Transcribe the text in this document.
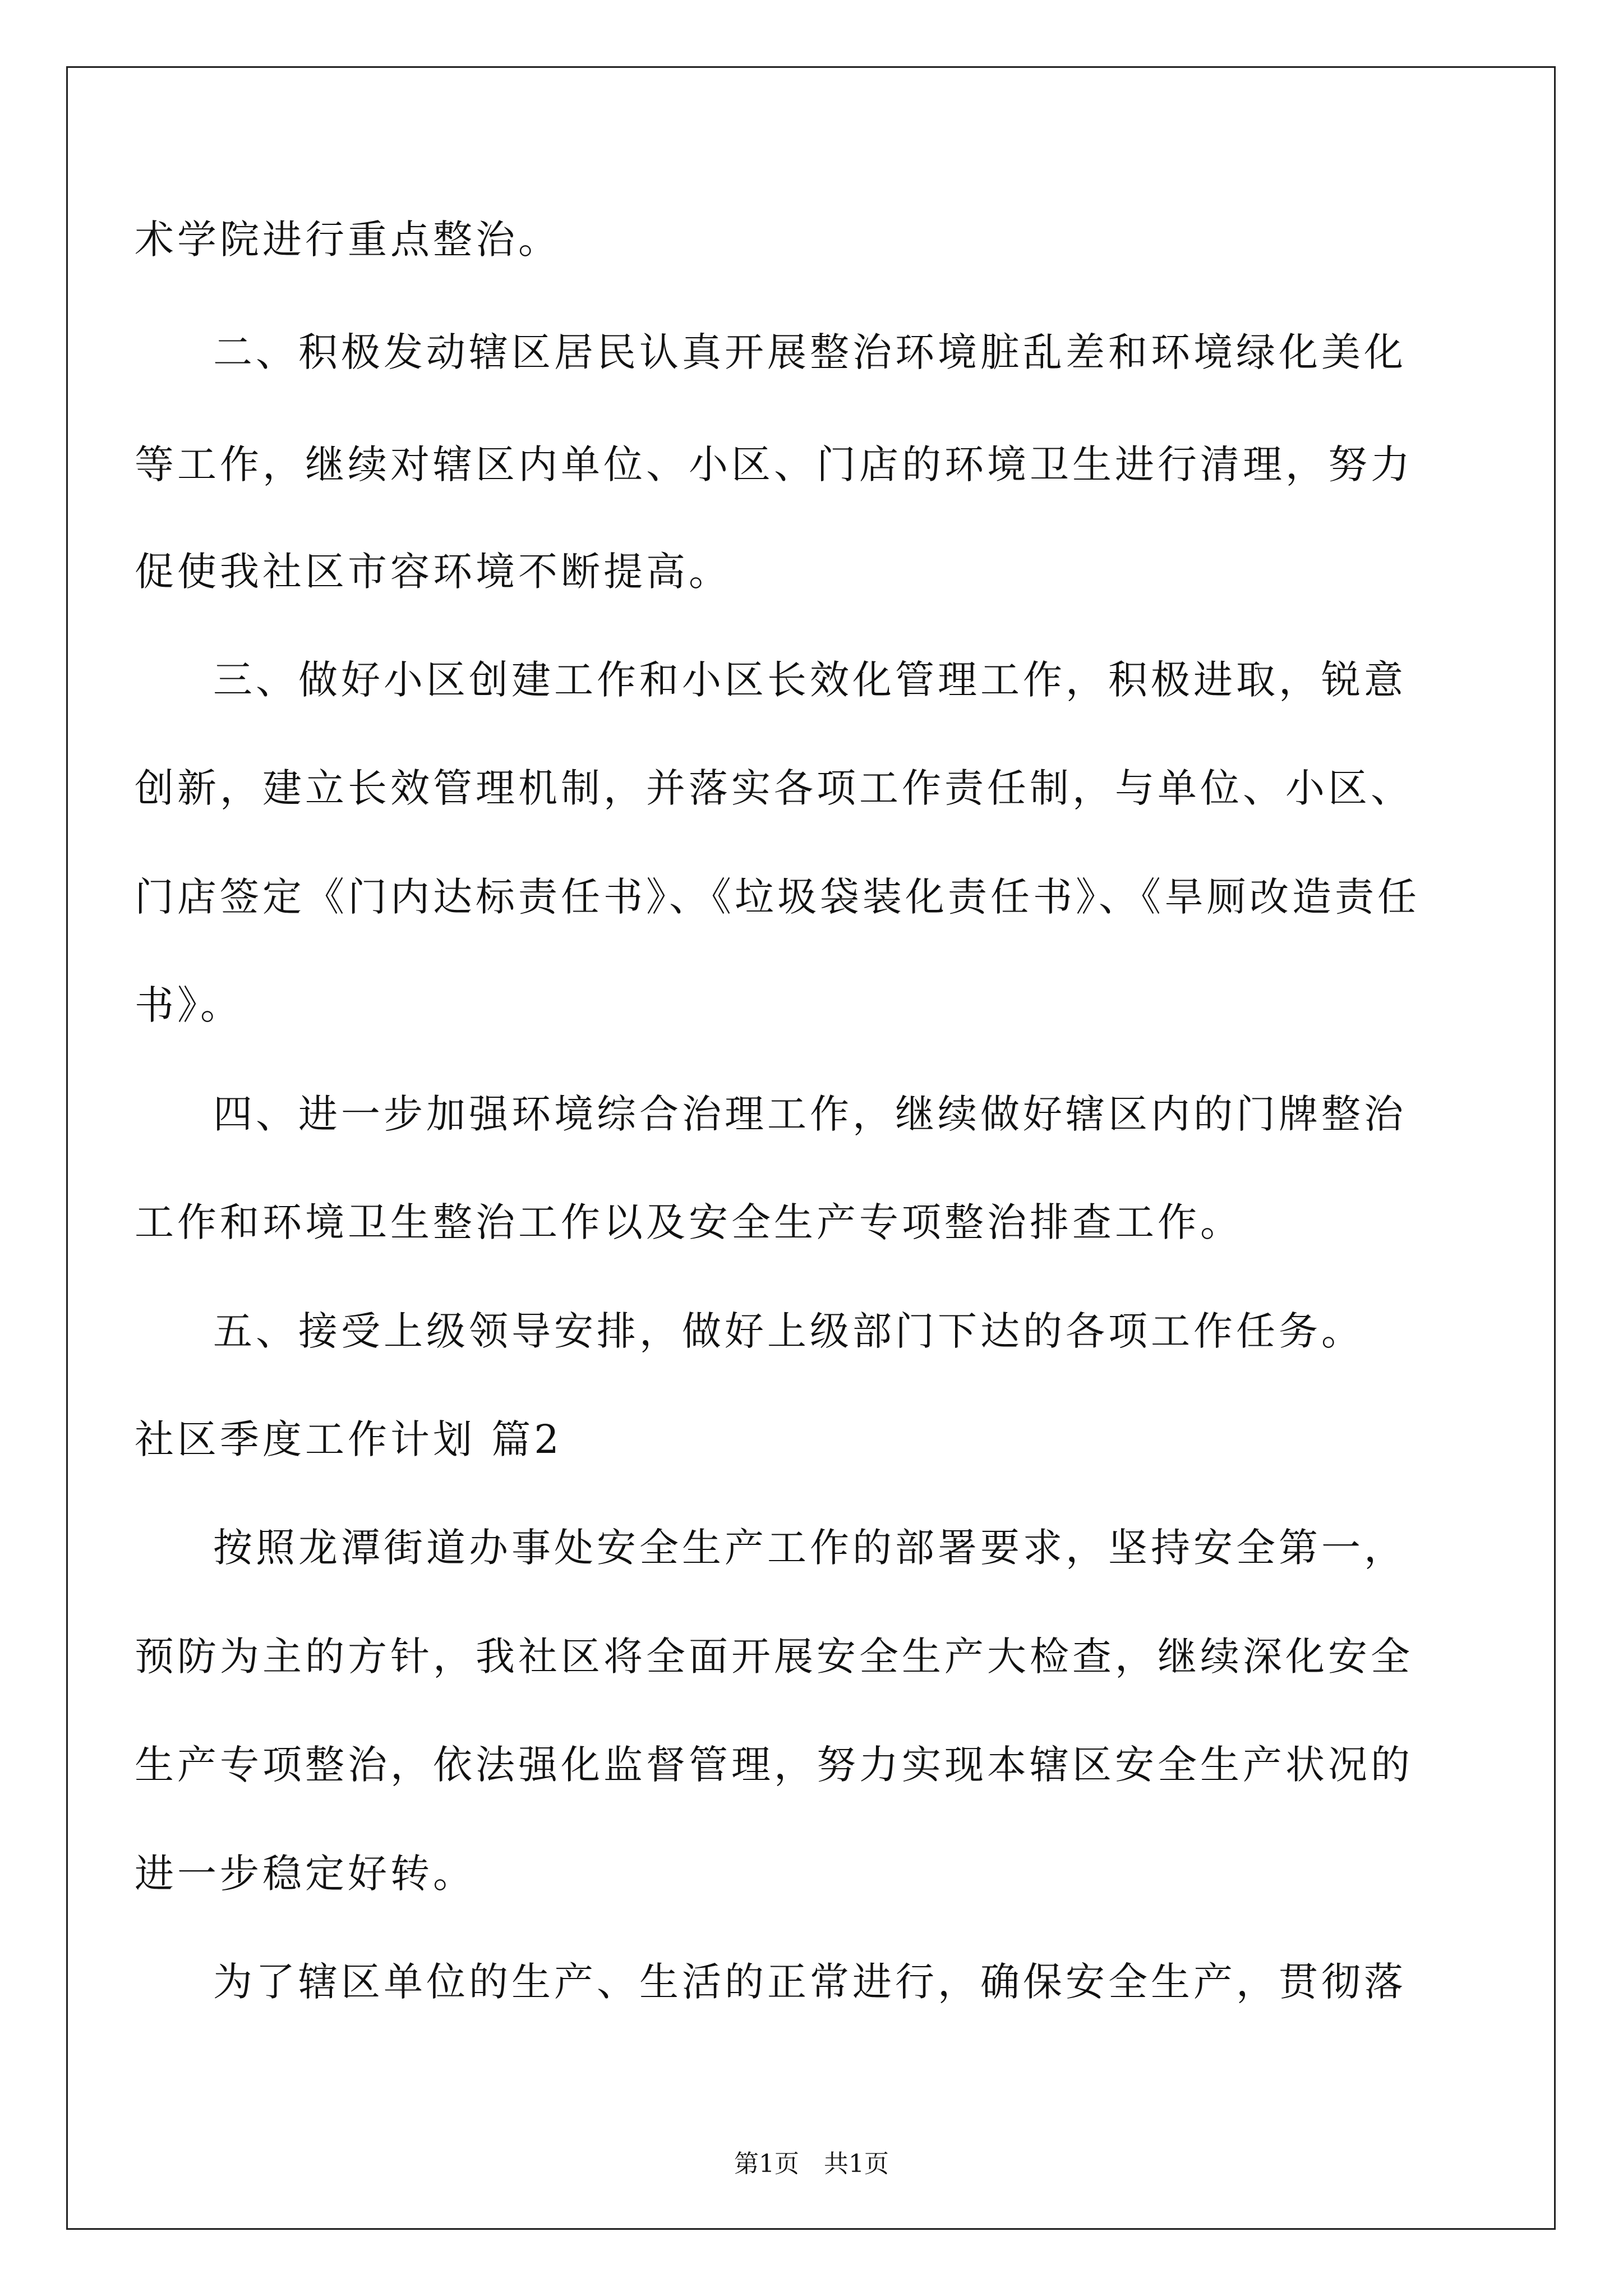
术学院进行重点整治。
二、积极发动辖区居民认真开展整治环境脏乱差和环境绿化美化
等工作，继续对辖区内单位、小区、门店的环境卫生进行清理，努力
促使我社区市容环境不断提高。
三、做好小区创建工作和小区长效化管理工作，积极进取，锐意
创新，建立长效管理机制，并落实各项工作责任制，与单位、小区、
门店签定《门内达标责任书》、《垃圾袋装化责任书》、《旱厕改造责任
书》。
四、进一步加强环境综合治理工作，继续做好辖区内的门牌整治
工作和环境卫生整治工作以及安全生产专项整治排查工作。
五、接受上级领导安排，做好上级部门下达的各项工作任务。
社区季度工作计划 篇2
按照龙潭街道办事处安全生产工作的部署要求，坚持安全第一，
预防为主的方针，我社区将全面开展安全生产大检查，继续深化安全
生产专项整治，依法强化监督管理，努力实现本辖区安全生产状况的
进一步稳定好转。
为了辖区单位的生产、生活的正常进行，确保安全生产，贯彻落
第1页　共1页
